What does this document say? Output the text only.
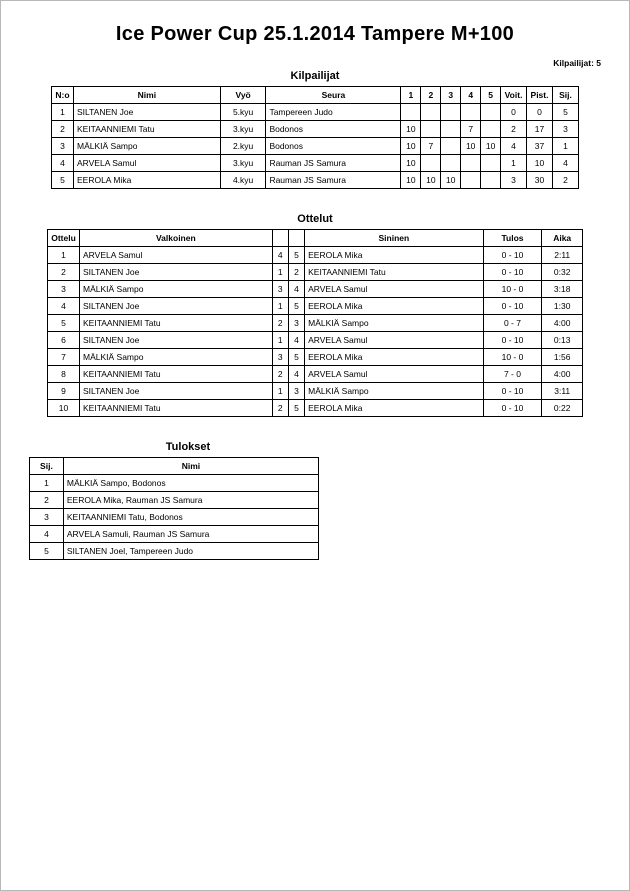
Ice Power Cup 25.1.2014 Tampere M+100
Kilpailijat: 5
Kilpailijat
N:o	Nimi	Vyö	Seura	1	2	3	4	5	Voit.	Pist.	Sij.
1	SILTANEN Joe	5.kyu	Tampereen Judo						0	0	5
2	KEITAANNIEMI Tatu	3.kyu	Bodonos	10			7		2	17	3
3	MÄLKIÄ Sampo	2.kyu	Bodonos	10	7		10	10	4	37	1
4	ARVELA Samul	3.kyu	Rauman JS Samura	10					1	10	4
5	EEROLA Mika	4.kyu	Rauman JS Samura	10	10	10			3	30	2
Ottelut
Ottelu	Valkoinen			Sininen	Tulos	Aika
1	ARVELA Samul	4	5	EEROLA Mika	0 - 10	2:11
2	SILTANEN Joe	1	2	KEITAANNIEMI Tatu	0 - 10	0:32
3	MÄLKIÄ Sampo	3	4	ARVELA Samul	10 - 0	3:18
4	SILTANEN Joe	1	5	EEROLA Mika	0 - 10	1:30
5	KEITAANNIEMI Tatu	2	3	MÄLKIÄ Sampo	0 - 7	4:00
6	SILTANEN Joe	1	4	ARVELA Samul	0 - 10	0:13
7	MÄLKIÄ Sampo	3	5	EEROLA Mika	10 - 0	1:56
8	KEITAANNIEMI Tatu	2	4	ARVELA Samul	7 - 0	4:00
9	SILTANEN Joe	1	3	MÄLKIÄ Sampo	0 - 10	3:11
10	KEITAANNIEMI Tatu	2	5	EEROLA Mika	0 - 10	0:22
Tulokset
Sij.	Nimi
1	MÄLKIÄ Sampo, Bodonos
2	EEROLA Mika, Rauman JS Samura
3	KEITAANNIEMI Tatu, Bodonos
4	ARVELA Samuli, Rauman JS Samura
5	SILTANEN Joel, Tampereen Judo
